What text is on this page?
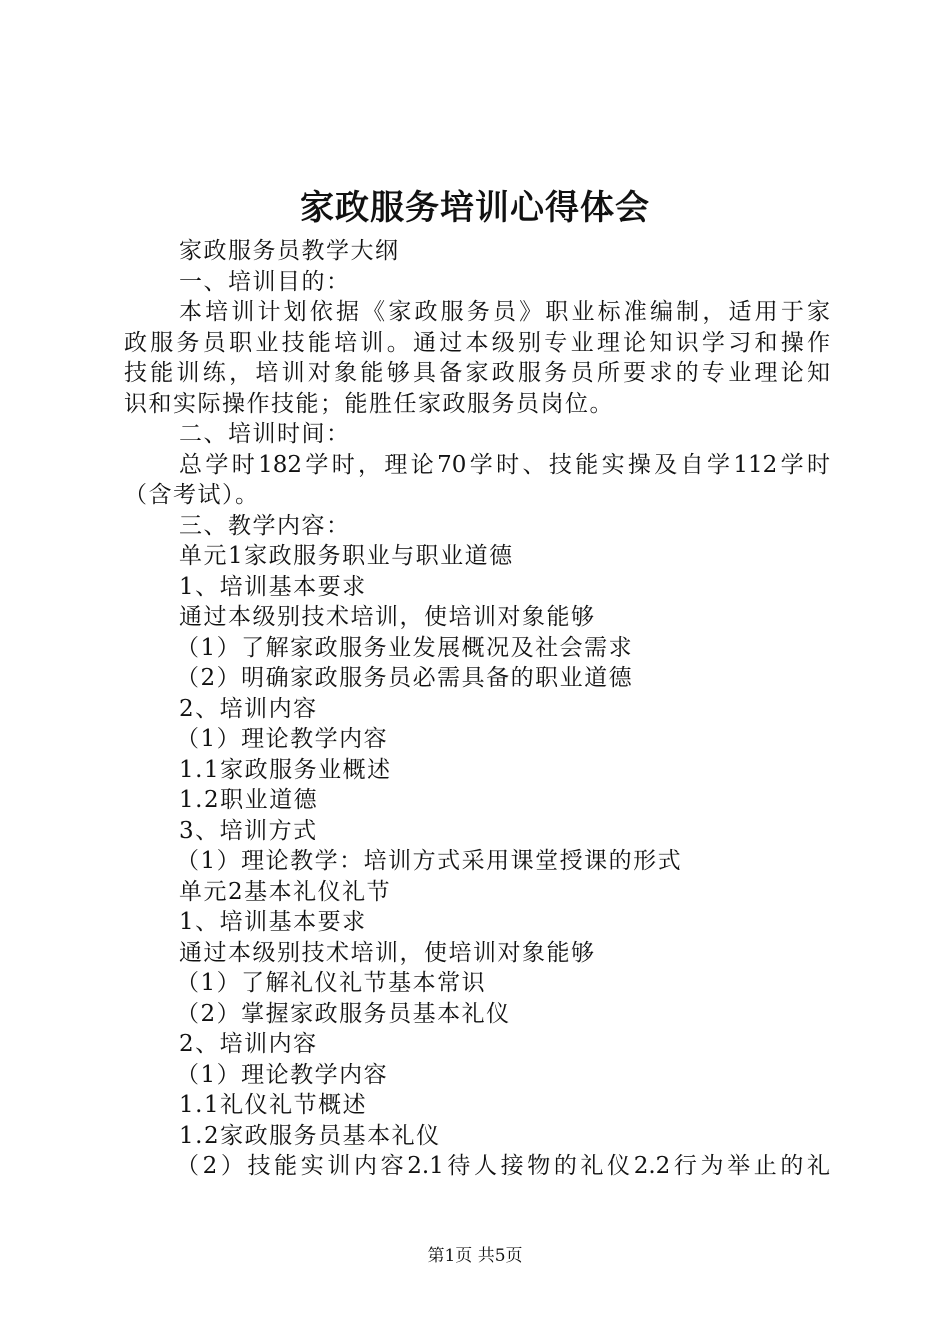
家政服务培训心得体会
家政服务员教学大纲
一、培训目的：
本培训计划依据《家政服务员》职业标准编制，适用于家
政服务员职业技能培训。通过本级别专业理论知识学习和操作
技能训练，培训对象能够具备家政服务员所要求的专业理论知
识和实际操作技能；能胜任家政服务员岗位。
二、培训时间：
总学时182学时，理论70学时、技能实操及自学112学时
（含考试）。
三、教学内容：
单元1家政服务职业与职业道德
1、培训基本要求
通过本级别技术培训，使培训对象能够
（1）了解家政服务业发展概况及社会需求
（2）明确家政服务员必需具备的职业道德
2、培训内容
（1）理论教学内容
1.1家政服务业概述
1.2职业道德
3、培训方式
（1）理论教学：培训方式采用课堂授课的形式
单元2基本礼仪礼节
1、培训基本要求
通过本级别技术培训，使培训对象能够
（1）了解礼仪礼节基本常识
（2）掌握家政服务员基本礼仪
2、培训内容
（1）理论教学内容
1.1礼仪礼节概述
1.2家政服务员基本礼仪
（2）技能实训内容2.1待人接物的礼仪2.2行为举止的礼
第1页 共5页
